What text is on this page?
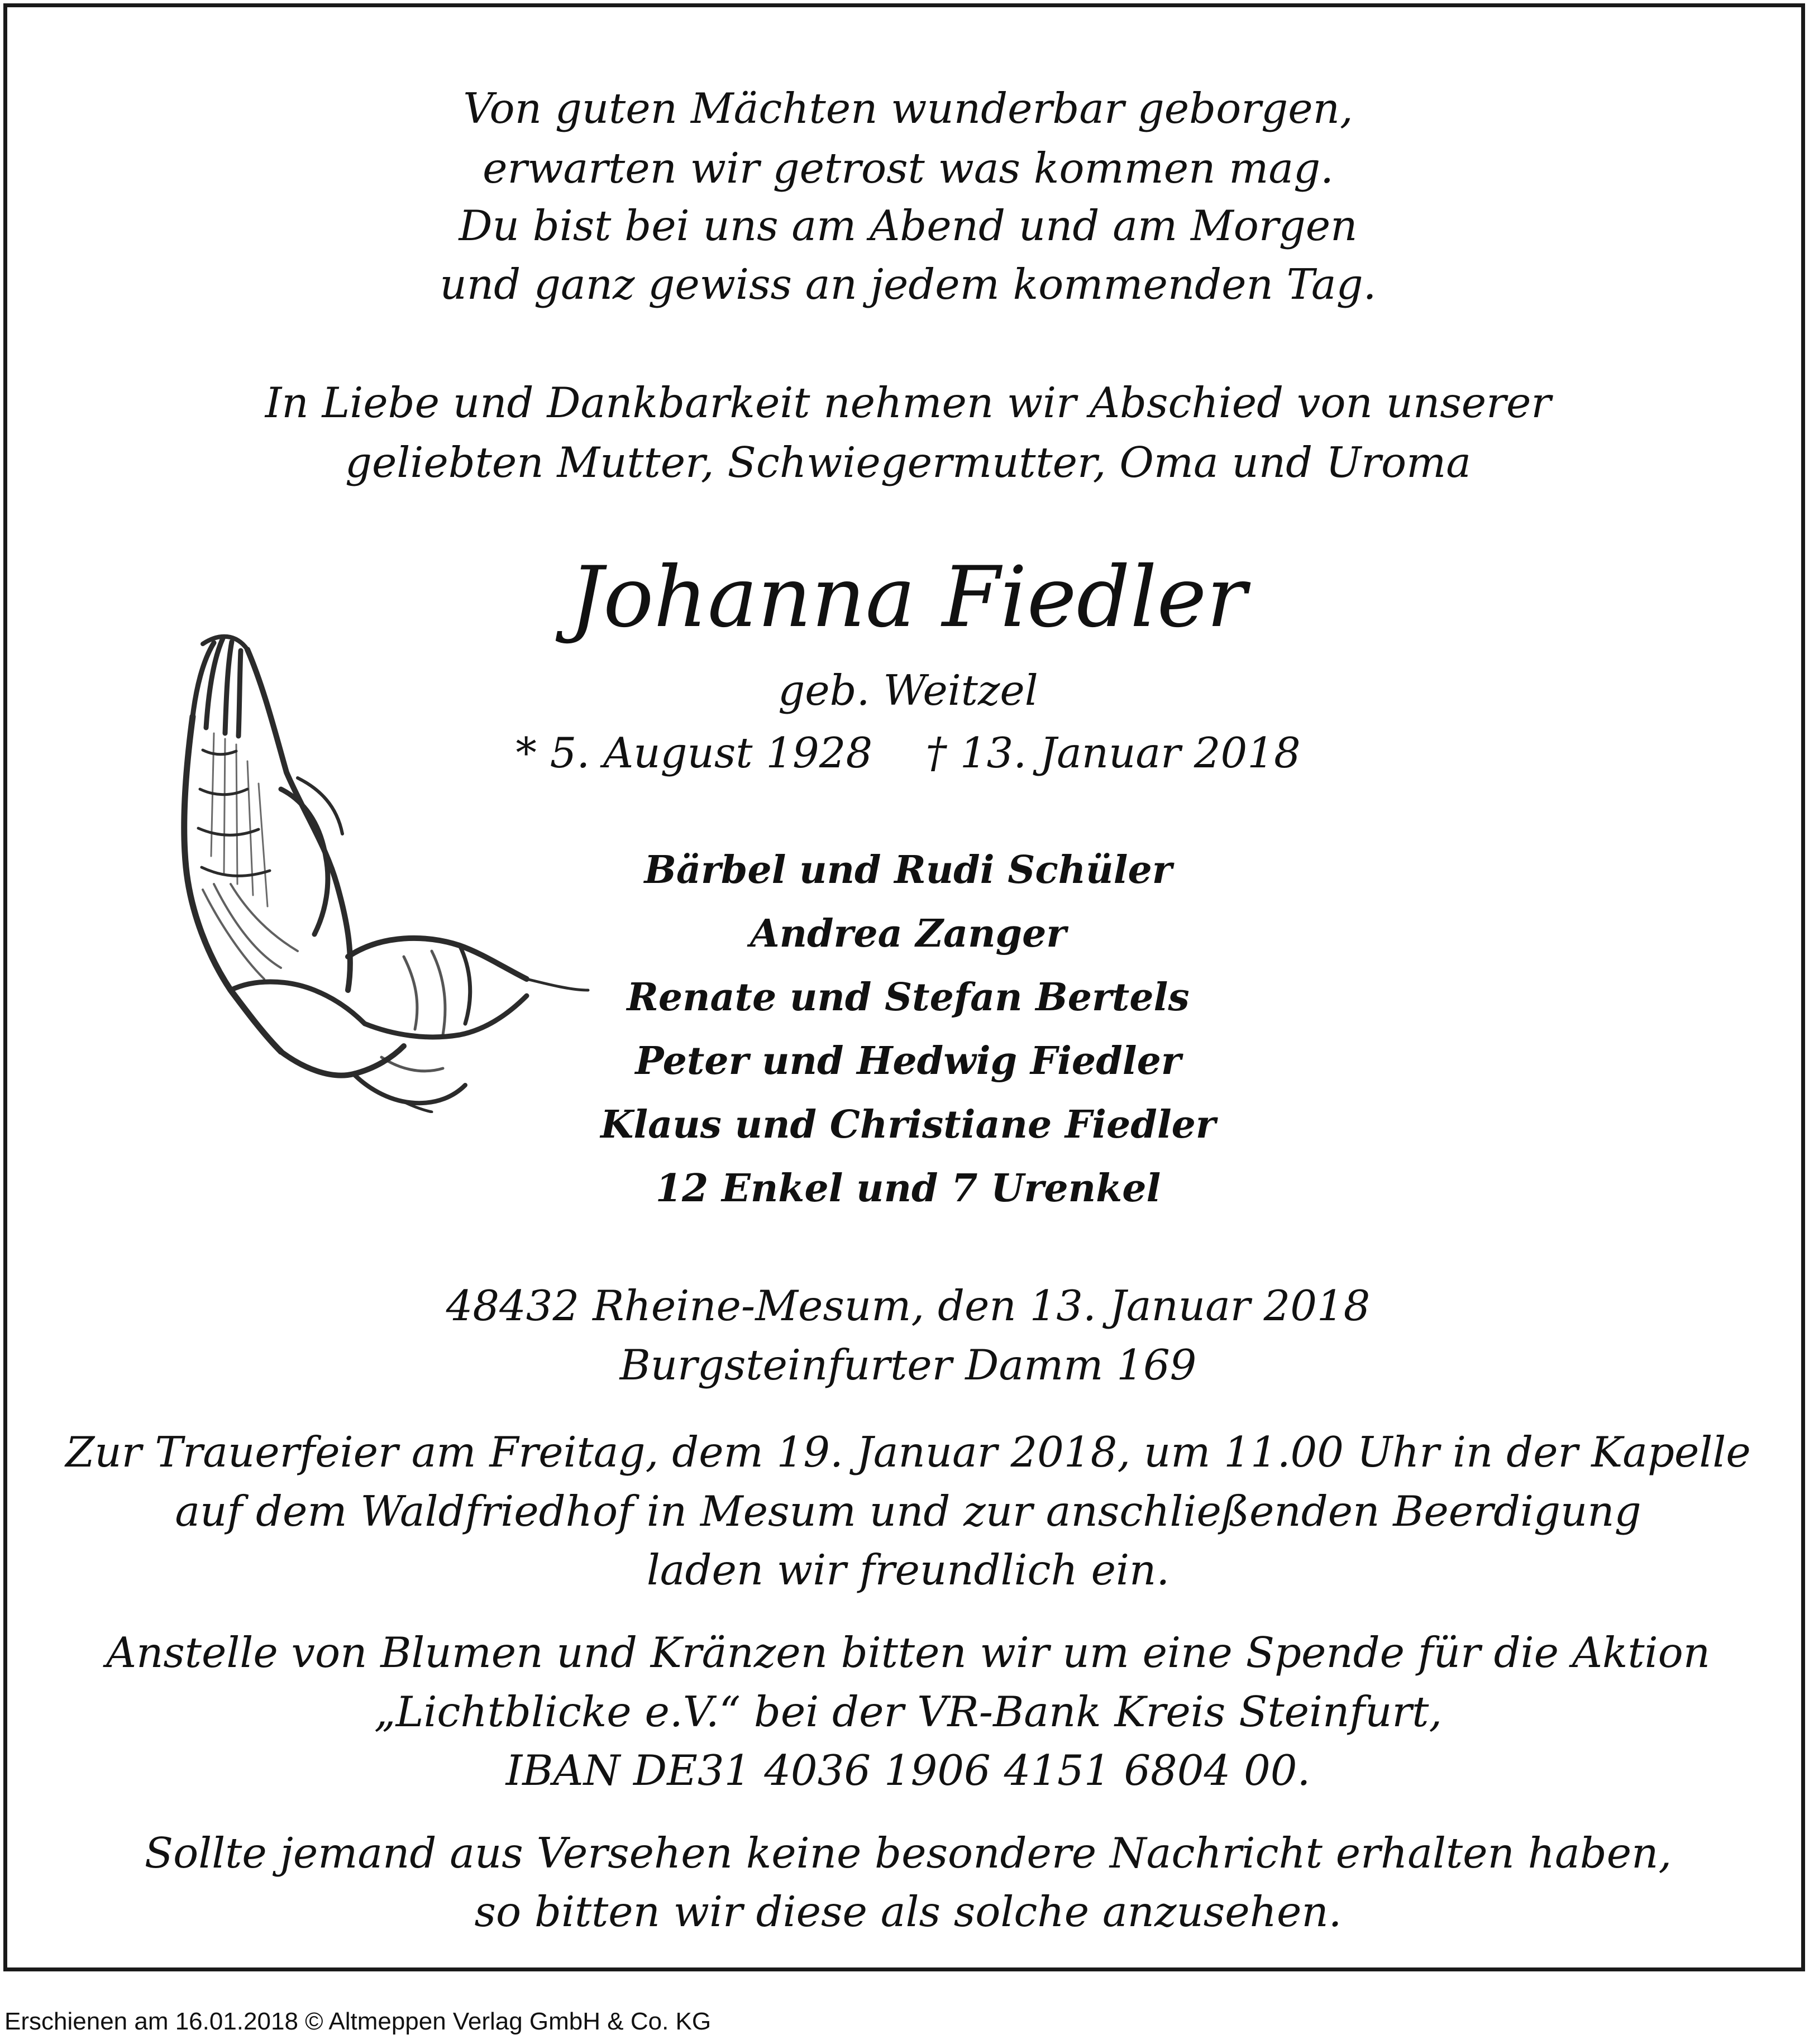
Von guten Mächten wunderbar geborgen,
erwarten wir getrost was kommen mag.
Du bist bei uns am Abend und am Morgen
und ganz gewiss an jedem kommenden Tag.
In Liebe und Dankbarkeit nehmen wir Abschied von unserer
geliebten Mutter, Schwiegermutter, Oma und Uroma
Johanna Fiedler
geb. Weitzel
* 5. August 1928    † 13. Januar 2018
Bärbel und Rudi Schüler
Andrea Zanger
Renate und Stefan Bertels
Peter und Hedwig Fiedler
Klaus und Christiane Fiedler
12 Enkel und 7 Urenkel
48432 Rheine-Mesum, den 13. Januar 2018
Burgsteinfurter Damm 169
Zur Trauerfeier am Freitag, dem 19. Januar 2018, um 11.00 Uhr in der Kapelle
auf dem Waldfriedhof in Mesum und zur anschließenden Beerdigung
laden wir freundlich ein.
Anstelle von Blumen und Kränzen bitten wir um eine Spende für die Aktion
„Lichtblicke e.V.“ bei der VR-Bank Kreis Steinfurt,
IBAN DE31 4036 1906 4151 6804 00.
Sollte jemand aus Versehen keine besondere Nachricht erhalten haben,
so bitten wir diese als solche anzusehen.
Erschienen am 16.01.2018 © Altmeppen Verlag GmbH & Co. KG
